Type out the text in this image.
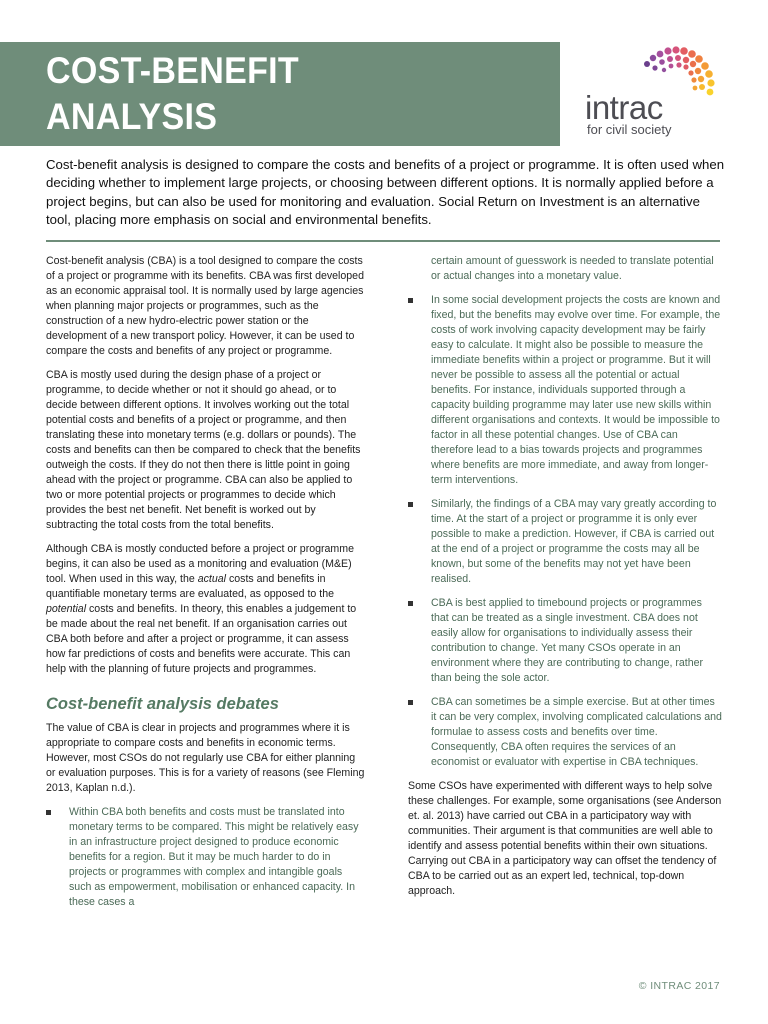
COST-BENEFIT
ANALYSIS	intrac
for civil society

Cost-benefit analysis is designed to compare the costs and benefits of a project or programme. It is often used when deciding whether to implement large projects, or choosing between different options. It is normally applied before a project begins, but can also be used for monitoring and evaluation. Social Return on Investment is an alternative tool, placing more emphasis on social and environmental benefits.

Cost-benefit analysis (CBA) is a tool designed to compare the costs of a project or programme with its benefits. CBA was first developed as an economic appraisal tool. It is normally used by large agencies when planning major projects or programmes, such as the construction of a new hydro-electric power station or the development of a new transport policy. However, it can be used to compare the costs and benefits of any project or programme.

CBA is mostly used during the design phase of a project or programme, to decide whether or not it should go ahead, or to decide between different options. It involves working out the total potential costs and benefits of a project or programme, and then translating these into monetary terms (e.g. dollars or pounds). The costs and benefits can then be compared to check that the benefits outweigh the costs. If they do not then there is little point in going ahead with the project or programme. CBA can also be applied to two or more potential projects or programmes to decide which provides the best net benefit. Net benefit is worked out by subtracting the total costs from the total benefits.

Although CBA is mostly conducted before a project or programme begins, it can also be used as a monitoring and evaluation (M&E) tool. When used in this way, the actual costs and benefits in quantifiable monetary terms are evaluated, as opposed to the potential costs and benefits. In theory, this enables a judgement to be made about the real net benefit. If an organisation carries out CBA both before and after a project or programme, it can assess how far predictions of costs and benefits were accurate. This can help with the planning of future projects and programmes.

Cost-benefit analysis debates

The value of CBA is clear in projects and programmes where it is appropriate to compare costs and benefits in economic terms. However, most CSOs do not regularly use CBA for either planning or evaluation purposes. This is for a variety of reasons (see Fleming 2013, Kaplan n.d.).

Within CBA both benefits and costs must be translated into monetary terms to be compared. This might be relatively easy in an infrastructure project designed to produce economic benefits for a region. But it may be much harder to do in projects or programmes with complex and intangible goals such as empowerment, mobilisation or enhanced capacity. In these cases a

certain amount of guesswork is needed to translate potential or actual changes into a monetary value.

In some social development projects the costs are known and fixed, but the benefits may evolve over time. For example, the costs of work involving capacity development may be fairly easy to calculate. It might also be possible to measure the immediate benefits within a project or programme. But it will never be possible to assess all the potential or actual benefits. For instance, individuals supported through a capacity building programme may later use new skills within different organisations and contexts. It would be impossible to factor in all these potential changes. Use of CBA can therefore lead to a bias towards projects and programmes where benefits are more immediate, and away from longer-term interventions.
Similarly, the findings of a CBA may vary greatly according to time. At the start of a project or programme it is only ever possible to make a prediction. However, if CBA is carried out at the end of a project or programme the costs may all be known, but some of the benefits may not yet have been realised.
CBA is best applied to timebound projects or programmes that can be treated as a single investment. CBA does not easily allow for organisations to individually assess their contribution to change. Yet many CSOs operate in an environment where they are contributing to change, rather than being the sole actor.
CBA can sometimes be a simple exercise. But at other times it can be very complex, involving complicated calculations and formulae to assess costs and benefits over time. Consequently, CBA often requires the services of an economist or evaluator with expertise in CBA techniques.

Some CSOs have experimented with different ways to help solve these challenges. For example, some organisations (see Anderson et. al. 2013) have carried out CBA in a participatory way with communities. Their argument is that communities are well able to identify and assess potential benefits within their own situations. Carrying out CBA in a participatory way can offset the tendency of CBA to be carried out as an expert led, technical, top-down approach.

© INTRAC 2017
